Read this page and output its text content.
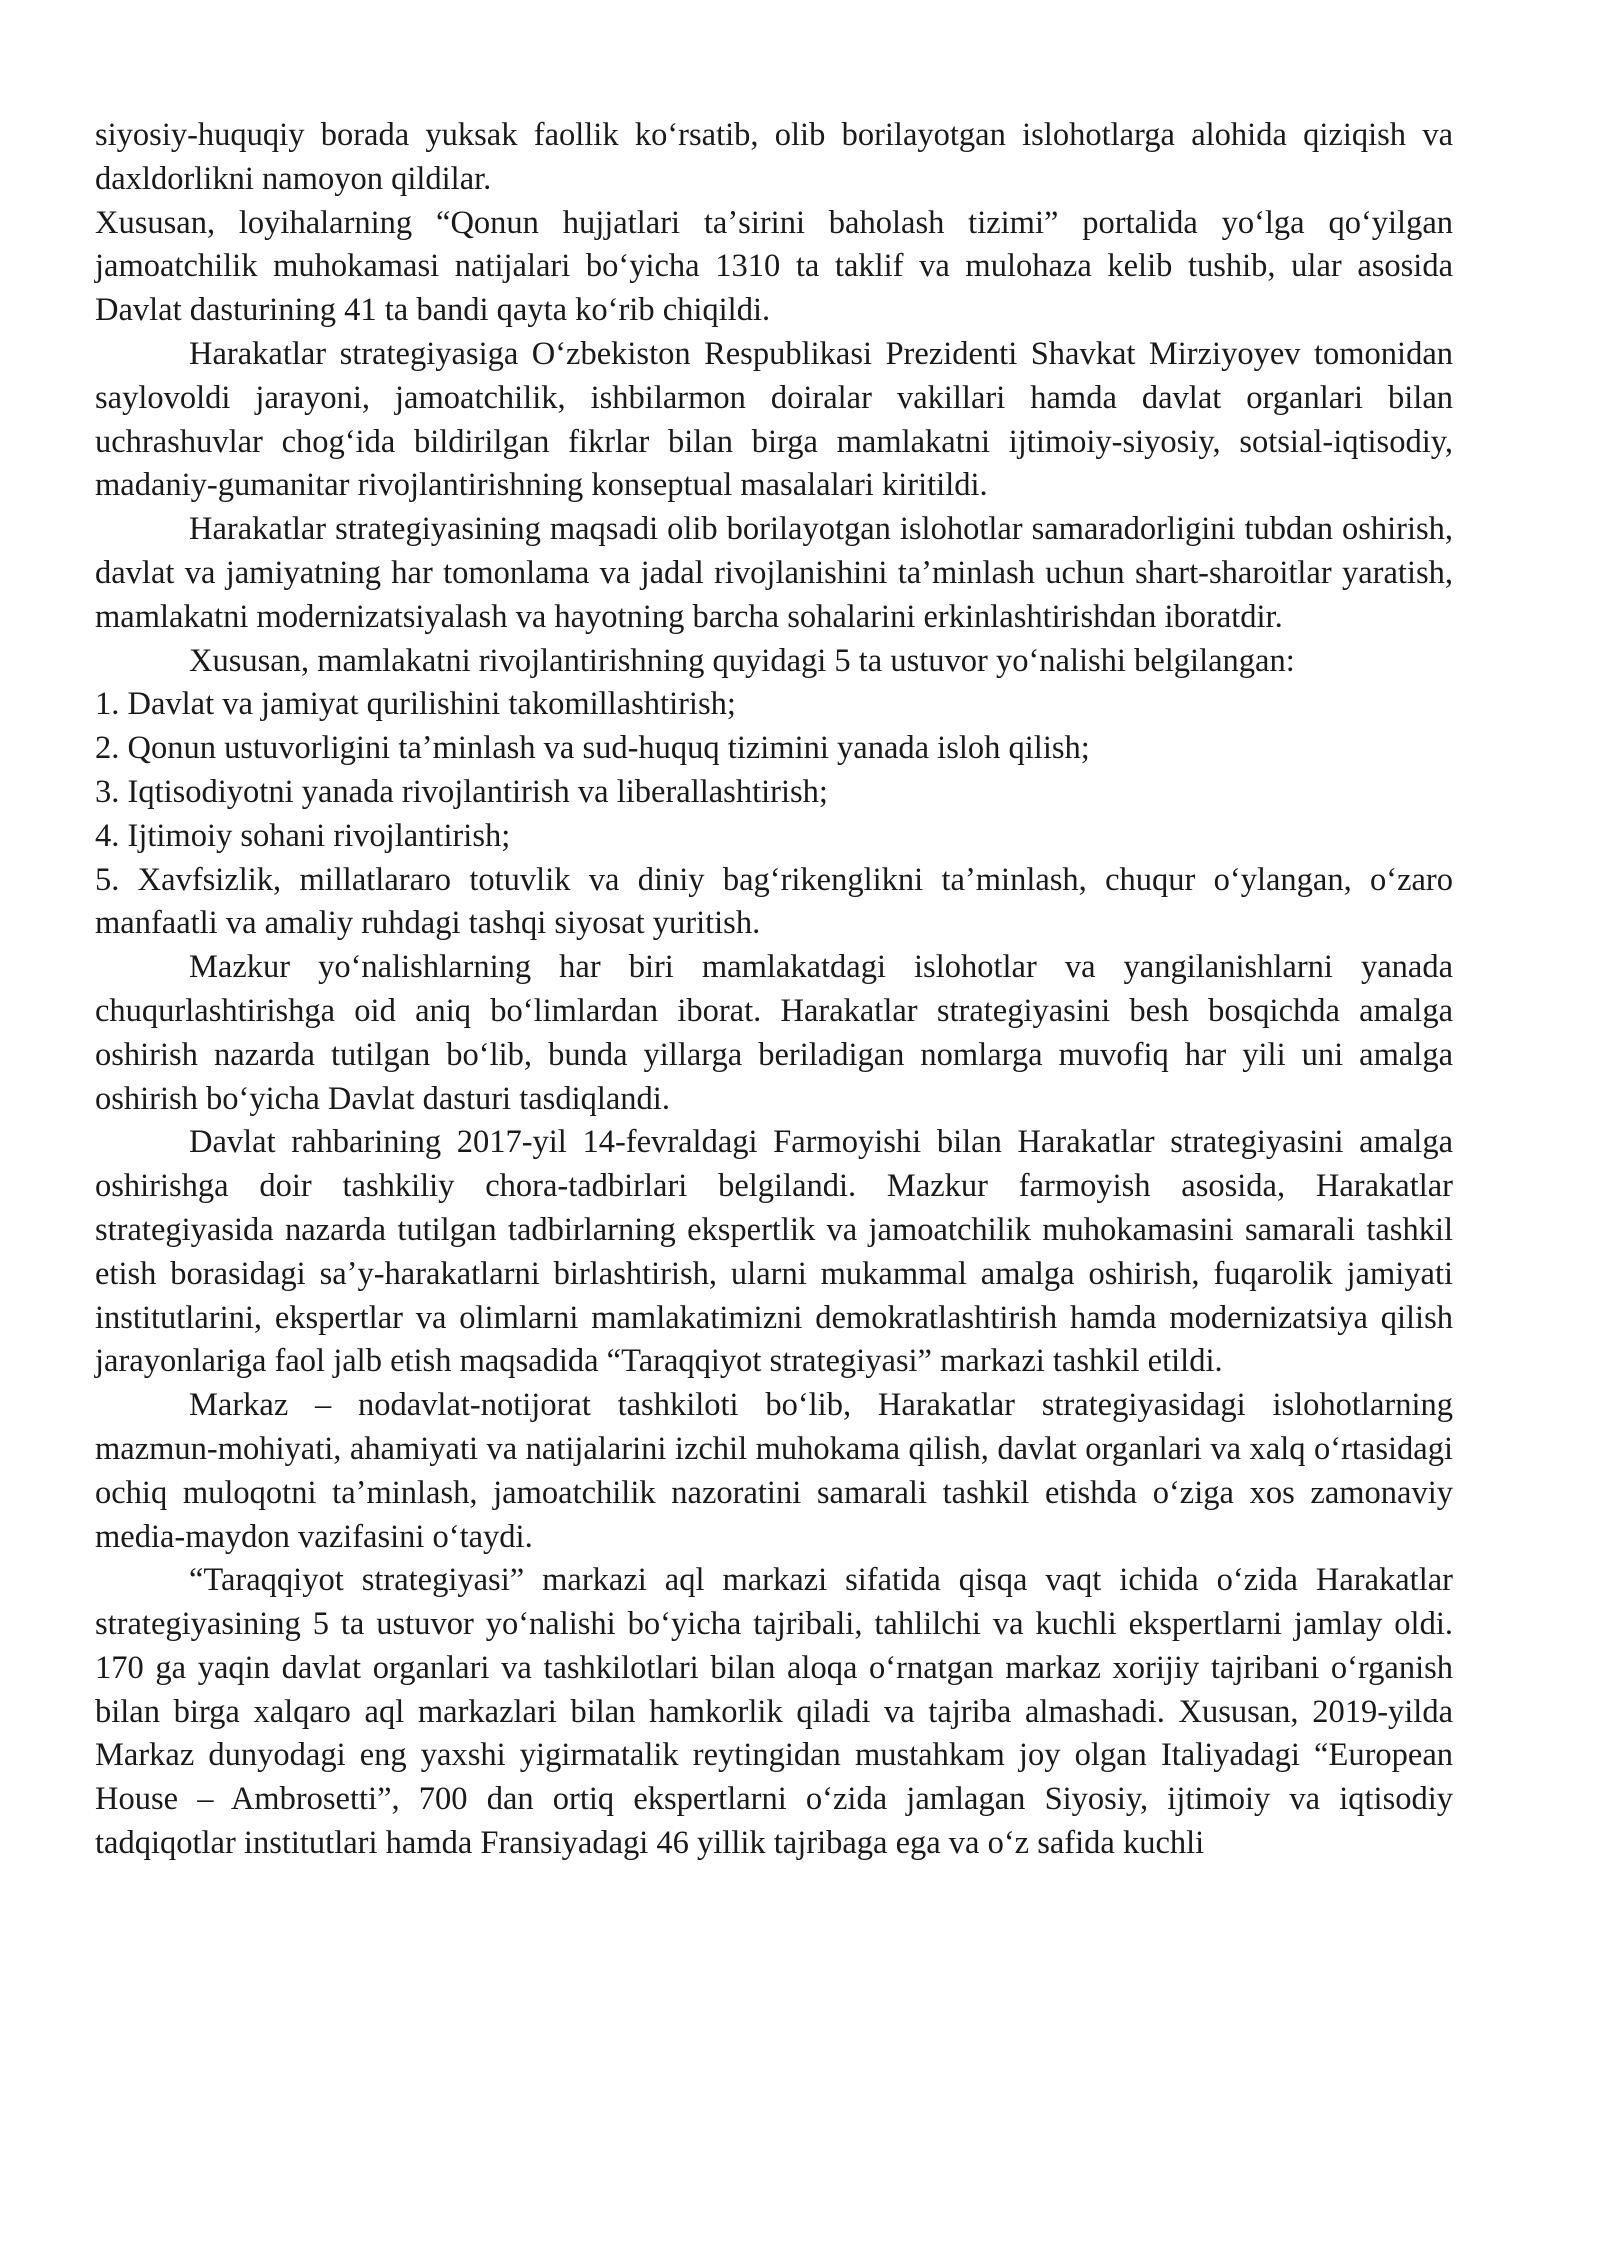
siyosiy-huquqiy borada yuksak faollik koʻrsatib, olib borilayotgan islohotlarga alohida qiziqish va daxldorlikni namoyon qildilar.

Xususan, loyihalarning “Qonun hujjatlari taʼsirini baholash tizimi” portalida yoʻlga qoʻyilgan jamoatchilik muhokamasi natijalari boʻyicha 1310 ta taklif va mulohaza kelib tushib, ular asosida Davlat dasturining 41 ta bandi qayta koʻrib chiqildi.

Harakatlar strategiyasiga Oʻzbekiston Respublikasi Prezidenti Shavkat Mirziyoyev tomonidan saylovoldi jarayoni, jamoatchilik, ishbilarmon doiralar vakillari hamda davlat organlari bilan uchrashuvlar chogʻida bildirilgan fikrlar bilan birga mamlakatni ijtimoiy-siyosiy, sotsial-iqtisodiy, madaniy-gumanitar rivojlantirishning konseptual masalalari kiritildi.

Harakatlar strategiyasining maqsadi olib borilayotgan islohotlar samaradorligini tubdan oshirish, davlat va jamiyatning har tomonlama va jadal rivojlanishini taʼminlash uchun shart-sharoitlar yaratish, mamlakatni modernizatsiyalash va hayotning barcha sohalarini erkinlashtirishdan iboratdir.

Xususan, mamlakatni rivojlantirishning quyidagi 5 ta ustuvor yoʻnalishi belgilangan:

1. Davlat va jamiyat qurilishini takomillashtirish;
2. Qonun ustuvorligini taʼminlash va sud-huquq tizimini yanada isloh qilish;
3. Iqtisodiyotni yanada rivojlantirish va liberallashtirish;
4. Ijtimoiy sohani rivojlantirish;
5. Xavfsizlik, millatlararo totuvlik va diniy bagʻrikenglikni taʼminlash, chuqur oʻylangan, oʻzaro manfaatli va amaliy ruhdagi tashqi siyosat yuritish.

Mazkur yoʻnalishlarning har biri mamlakatdagi islohotlar va yangilanishlarni yanada chuqurlashtirishga oid aniq boʻlimlardan iborat. Harakatlar strategiyasini besh bosqichda amalga oshirish nazarda tutilgan boʻlib, bunda yillarga beriladigan nomlarga muvofiq har yili uni amalga oshirish boʻyicha Davlat dasturi tasdiqlandi.

Davlat rahbarining 2017-yil 14-fevraldagi Farmoyishi bilan Harakatlar strategiyasini amalga oshirishga doir tashkiliy chora-tadbirlari belgilandi. Mazkur farmoyish asosida, Harakatlar strategiyasida nazarda tutilgan tadbirlarning ekspertlik va jamoatchilik muhokamasini samarali tashkil etish borasidagi saʼy-harakatlarni birlashtirish, ularni mukammal amalga oshirish, fuqarolik jamiyati institutlarini, ekspertlar va olimlarni mamlakatimizni demokratlashtirish hamda modernizatsiya qilish jarayonlariga faol jalb etish maqsadida “Taraqqiyot strategiyasi” markazi tashkil etildi.

Markaz – nodavlat-notijorat tashkiloti boʻlib, Harakatlar strategiyasidagi islohotlarning mazmun-mohiyati, ahamiyati va natijalarini izchil muhokama qilish, davlat organlari va xalq oʻrtasidagi ochiq muloqotni taʼminlash, jamoatchilik nazoratini samarali tashkil etishda oʻziga xos zamonaviy media-maydon vazifasini oʻtaydi.

“Taraqqiyot strategiyasi” markazi aql markazi sifatida qisqa vaqt ichida oʻzida Harakatlar strategiyasining 5 ta ustuvor yoʻnalishi boʻyicha tajribali, tahlilchi va kuchli ekspertlarni jamlay oldi. 170 ga yaqin davlat organlari va tashkilotlari bilan aloqa oʻrnatgan markaz xorijiy tajribani oʻrganish bilan birga xalqaro aql markazlari bilan hamkorlik qiladi va tajriba almashadi. Xususan, 2019-yilda Markaz dunyodagi eng yaxshi yigirmatalik reytingidan mustahkam joy olgan Italiyadagi “European House – Ambrosetti”, 700 dan ortiq ekspertlarni oʻzida jamlagan Siyosiy, ijtimoiy va iqtisodiy tadqiqotlar institutlari hamda Fransiyadagi 46 yillik tajribaga ega va oʻz safida kuchli
